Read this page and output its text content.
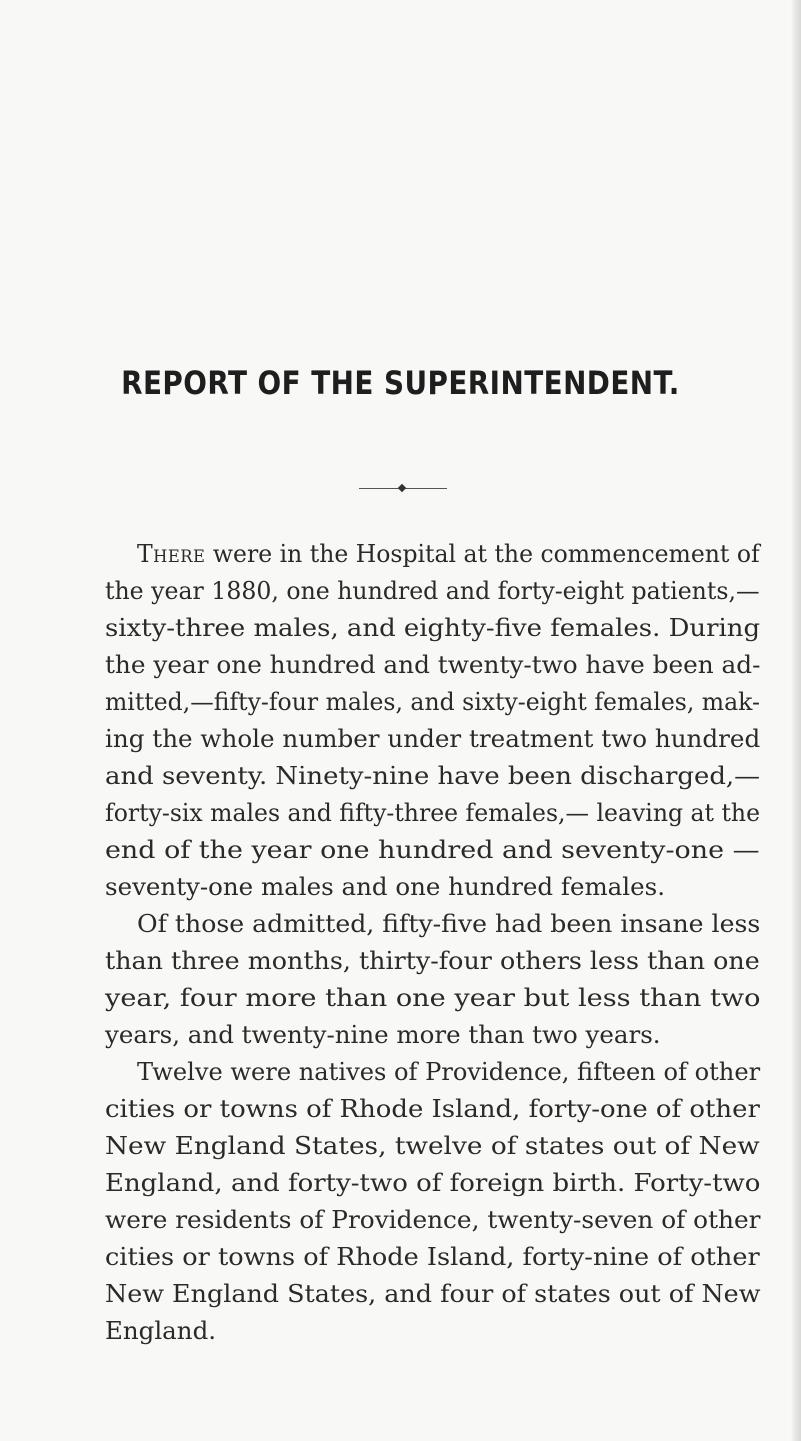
REPORT OF THE SUPERINTENDENT.
There were in the Hospital at the commencement of
the year 1880, one hundred and forty-eight patients,—
sixty-three males, and eighty-five females. During
the year one hundred and twenty-two have been ad-
mitted,—fifty-four males, and sixty-eight females, mak-
ing the whole number under treatment two hundred
and seventy. Ninety-nine have been discharged,—
forty-six males and fifty-three females,— leaving at the
end of the year one hundred and seventy-one —
seventy-one males and one hundred females.
Of those admitted, fifty-five had been insane less
than three months, thirty-four others less than one
year, four more than one year but less than two
years, and twenty-nine more than two years.
Twelve were natives of Providence, fifteen of other
cities or towns of Rhode Island, forty-one of other
New England States, twelve of states out of New
England, and forty-two of foreign birth. Forty-two
were residents of Providence, twenty-seven of other
cities or towns of Rhode Island, forty-nine of other
New England States, and four of states out of New
England.
